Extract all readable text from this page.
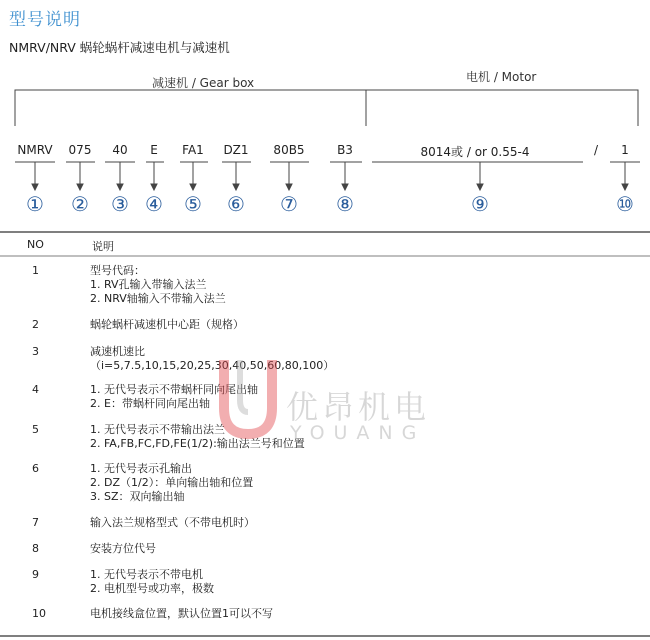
型号说明
NMRV/NRV 蜗轮蜗杆减速电机与减速机
减速机 / Gear box	电机 / Motor
NMRV 075 40 E FA1 DZ1 80B5	B3	8014或 / or 0.55-4	/ 1
① ② ③ ④ ⑤ ⑥ ⑦ ⑧	⑨	⑩
NO	说明
1	型号代码：
1. RV孔输入带输入法兰
2. NRV轴输入不带输入法兰
2	蜗轮蜗杆减速机中心距（规格）
3	减速机速比
（i=5,7.5,10,15,20,25,30,40,50,60,80,100）
4	1. 无代号表示不带蜗杆同向尾出轴
2. E：带蜗杆同向尾出轴
5	1. 无代号表示不带输出法兰
2. FA,FB,FC,FD,FE(1/2):输出法兰号和位置
6	1. 无代号表示孔输出
2. DZ（1/2）：单向输出轴和位置
3. SZ：双向输出轴
7	输入法兰规格型式（不带电机时）
8	安装方位代号
9	1. 无代号表示不带电机
2. 电机型号或功率，极数
10	电机接线盒位置，默认位置1可以不写
优昂机电
YOUANG
